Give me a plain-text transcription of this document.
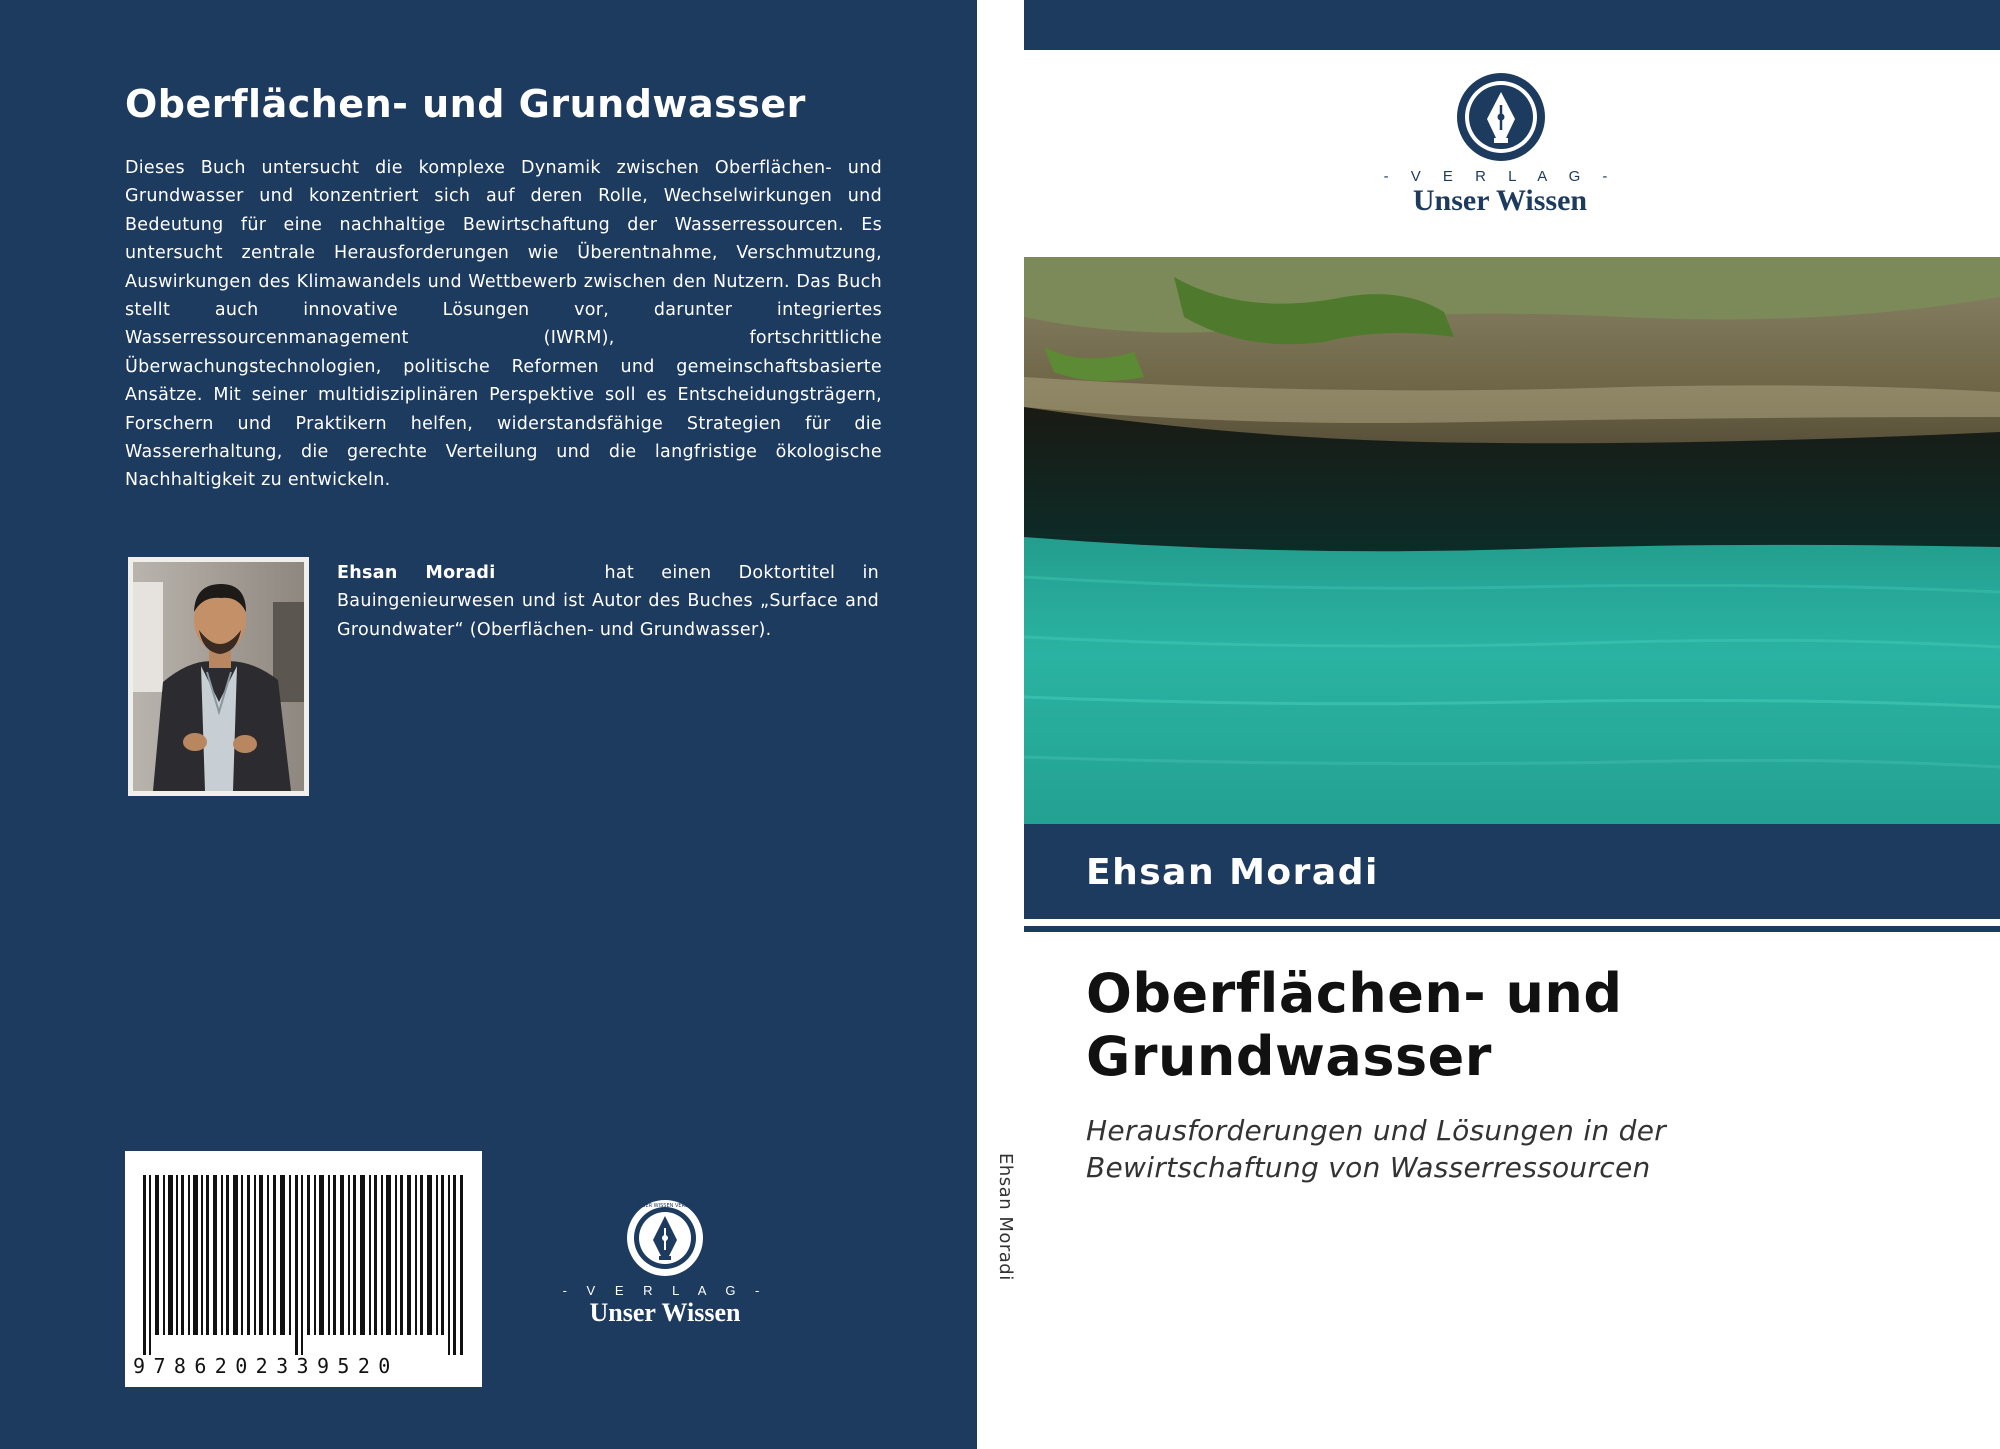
Oberflächen- und Grundwasser
Dieses Buch untersucht die komplexe Dynamik zwischen Oberflächen- und Grundwasser und konzentriert sich auf deren Rolle, Wechselwirkungen und Bedeutung für eine nachhaltige Bewirtschaftung der Wasserressourcen. Es untersucht zentrale Herausforderungen wie Überentnahme, Verschmutzung, Auswirkungen des Klimawandels und Wettbewerb zwischen den Nutzern. Das Buch stellt auch innovative Lösungen vor, darunter integriertes Wasserressourcenmanagement (IWRM), fortschrittliche Überwachungstechnologien, politische Reformen und gemeinschaftsbasierte Ansätze. Mit seiner multidisziplinären Perspektive soll es Entscheidungsträgern, Forschern und Praktikern helfen, widerstandsfähige Strategien für die Wassererhaltung, die gerechte Verteilung und die langfristige ökologische Nachhaltigkeit zu entwickeln.
Ehsan Moradi	hat einen Doktortitel in Bauingenieurwesen und ist Autor des Buches „Surface and Groundwater“ (Oberflächen- und Grundwasser).
9786202339520
UNSER WISSEN VERLAG
- V E R L A G -
Unser Wissen
Ehsan Moradi
- V E R L A G -
Unser Wissen
Ehsan Moradi
Oberflächen- und
Grundwasser
Herausforderungen und Lösungen in der
Bewirtschaftung von Wasserressourcen
